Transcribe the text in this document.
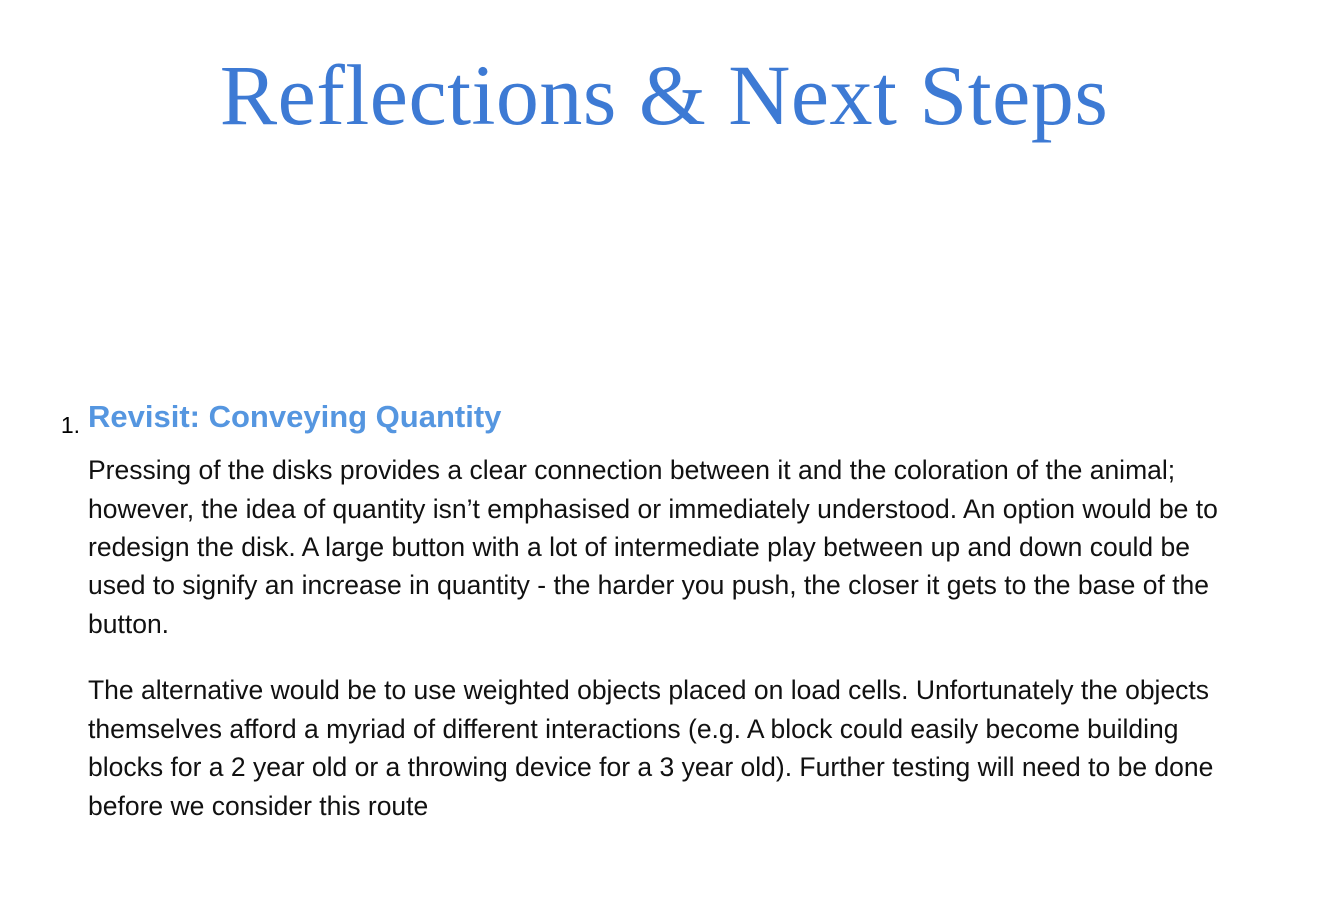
Reflections & Next Steps
1. Revisit: Conveying Quantity

Pressing of the disks provides a clear connection between it and the coloration of the animal; however, the idea of quantity isn’t emphasised or immediately understood. An option would be to redesign the disk. A large button with a lot of intermediate play between up and down could be used to signify an increase in quantity - the harder you push, the closer it gets to the base of the button.

The alternative would be to use weighted objects placed on load cells. Unfortunately the objects themselves afford a myriad of different interactions (e.g. A block could easily become building blocks for a 2 year old or a throwing device for a 3 year old). Further testing will need to be done before we consider this route
